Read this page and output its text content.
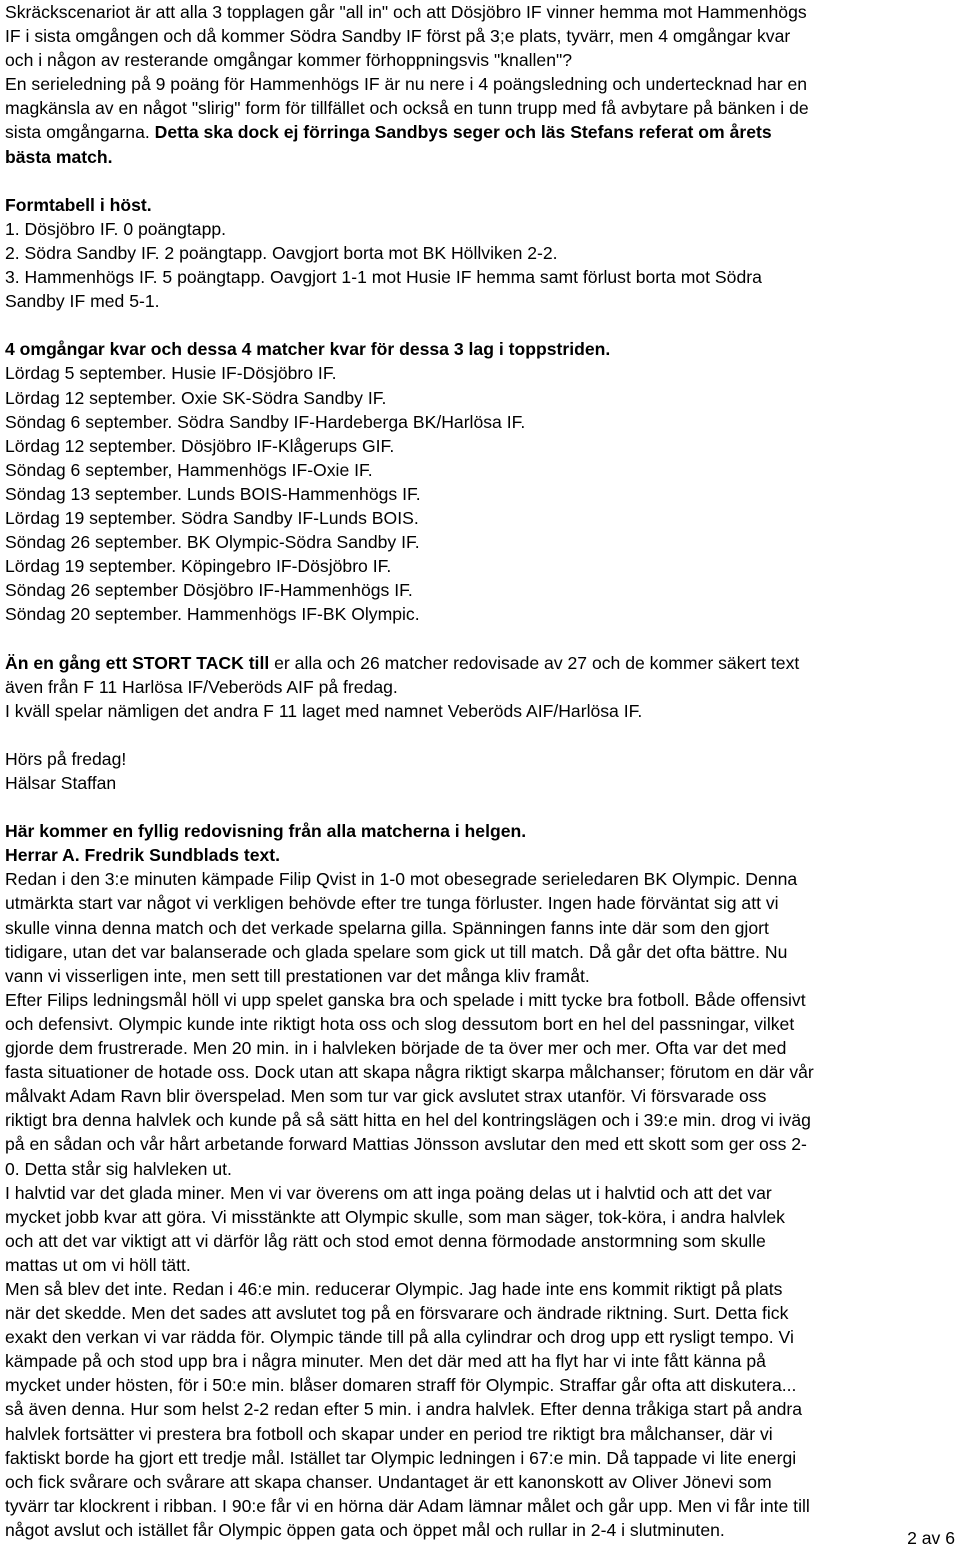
Skräckscenariot är att alla 3 topplagen går "all in" och att Dösjöbro IF vinner hemma mot Hammenhögs
IF i sista omgången och då kommer Södra Sandby IF först på 3;e plats, tyvärr, men 4 omgångar kvar
och i någon av resterande omgångar kommer förhoppningsvis "knallen"?
En serieledning på 9 poäng för Hammenhögs IF är nu nere i 4 poängsledning och undertecknad har en
magkänsla av en något "slirig" form för tillfället och också en tunn trupp med få avbytare på bänken i de
sista omgångarna. Detta ska dock ej förringa Sandbys seger och läs Stefans referat om årets
bästa match.
Formtabell i höst.
1. Dösjöbro IF. 0 poängtapp.
2. Södra Sandby IF. 2 poängtapp. Oavgjort borta mot BK Höllviken 2-2.
3. Hammenhögs IF. 5 poängtapp. Oavgjort 1-1 mot Husie IF hemma samt förlust borta mot Södra
Sandby IF med 5-1.
4 omgångar kvar och dessa 4 matcher kvar för dessa 3 lag i toppstriden.
Lördag 5 september. Husie IF-Dösjöbro IF.
Lördag 12 september. Oxie SK-Södra Sandby IF.
Söndag 6 september. Södra Sandby IF-Hardeberga BK/Harlösa IF.
Lördag 12 september. Dösjöbro IF-Klågerups GIF.
Söndag 6 september, Hammenhögs IF-Oxie IF.
Söndag 13 september. Lunds BOIS-Hammenhögs IF.
Lördag 19 september. Södra Sandby IF-Lunds BOIS.
Söndag 26 september. BK Olympic-Södra Sandby IF.
Lördag 19 september. Köpingebro IF-Dösjöbro IF.
Söndag 26 september Dösjöbro IF-Hammenhögs IF.
Söndag 20 september. Hammenhögs IF-BK Olympic.
Än en gång ett STORT TACK till er alla och 26 matcher redovisade av 27 och de kommer säkert text
även från F 11 Harlösa IF/Veberöds AIF på fredag.
I kväll spelar nämligen det andra F 11 laget med namnet Veberöds AIF/Harlösa IF.
Hörs på fredag!
Hälsar Staffan
Här kommer en fyllig redovisning från alla matcherna i helgen.
Herrar A. Fredrik Sundblads text.
Redan i den 3:e minuten kämpade Filip Qvist in 1-0 mot obesegrade serieledaren BK Olympic. Denna
utmärkta start var något vi verkligen behövde efter tre tunga förluster. Ingen hade förväntat sig att vi
skulle vinna denna match och det verkade spelarna gilla. Spänningen fanns inte där som den gjort
tidigare, utan det var balanserade och glada spelare som gick ut till match. Då går det ofta bättre. Nu
vann vi visserligen inte, men sett till prestationen var det många kliv framåt.
Efter Filips ledningsmål höll vi upp spelet ganska bra och spelade i mitt tycke bra fotboll. Både offensivt
och defensivt. Olympic kunde inte riktigt hota oss och slog dessutom bort en hel del passningar, vilket
gjorde dem frustrerade. Men 20 min. in i halvleken började de ta över mer och mer. Ofta var det med
fasta situationer de hotade oss. Dock utan att skapa några riktigt skarpa målchanser; förutom en där vår
målvakt Adam Ravn blir överspelad. Men som tur var gick avslutet strax utanför. Vi försvarade oss
riktigt bra denna halvlek och kunde på så sätt hitta en hel del kontringslägen och i 39:e min. drog vi iväg
på en sådan och vår hårt arbetande forward Mattias Jönsson avslutar den med ett skott som ger oss 2-
0. Detta står sig halvleken ut.
I halvtid var det glada miner. Men vi var överens om att inga poäng delas ut i halvtid och att det var
mycket jobb kvar att göra. Vi misstänkte att Olympic skulle, som man säger, tok-köra, i andra halvlek
och att det var viktigt att vi därför låg rätt och stod emot denna förmodade anstormning som skulle
mattas ut om vi höll tätt.
Men så blev det inte. Redan i 46:e min. reducerar Olympic. Jag hade inte ens kommit riktigt på plats
när det skedde. Men det sades att avslutet tog på en försvarare och ändrade riktning. Surt. Detta fick
exakt den verkan vi var rädda för. Olympic tände till på alla cylindrar och drog upp ett rysligt tempo. Vi
kämpade på och stod upp bra i några minuter. Men det där med att ha flyt har vi inte fått känna på
mycket under hösten, för i 50:e min. blåser domaren straff för Olympic. Straffar går ofta att diskutera...
så även denna. Hur som helst 2-2 redan efter 5 min. i andra halvlek. Efter denna tråkiga start på andra
halvlek fortsätter vi prestera bra fotboll och skapar under en period tre riktigt bra målchanser, där vi
faktiskt borde ha gjort ett tredje mål. Istället tar Olympic ledningen i 67:e min. Då tappade vi lite energi
och fick svårare och svårare att skapa chanser. Undantaget är ett kanonskott av Oliver Jönevi som
tyvärr tar klockrent i ribban. I 90:e får vi en hörna där Adam lämnar målet och går upp. Men vi får inte till
något avslut och istället får Olympic öppen gata och öppet mål och rullar in 2-4 i slutminuten.	2 av 6
